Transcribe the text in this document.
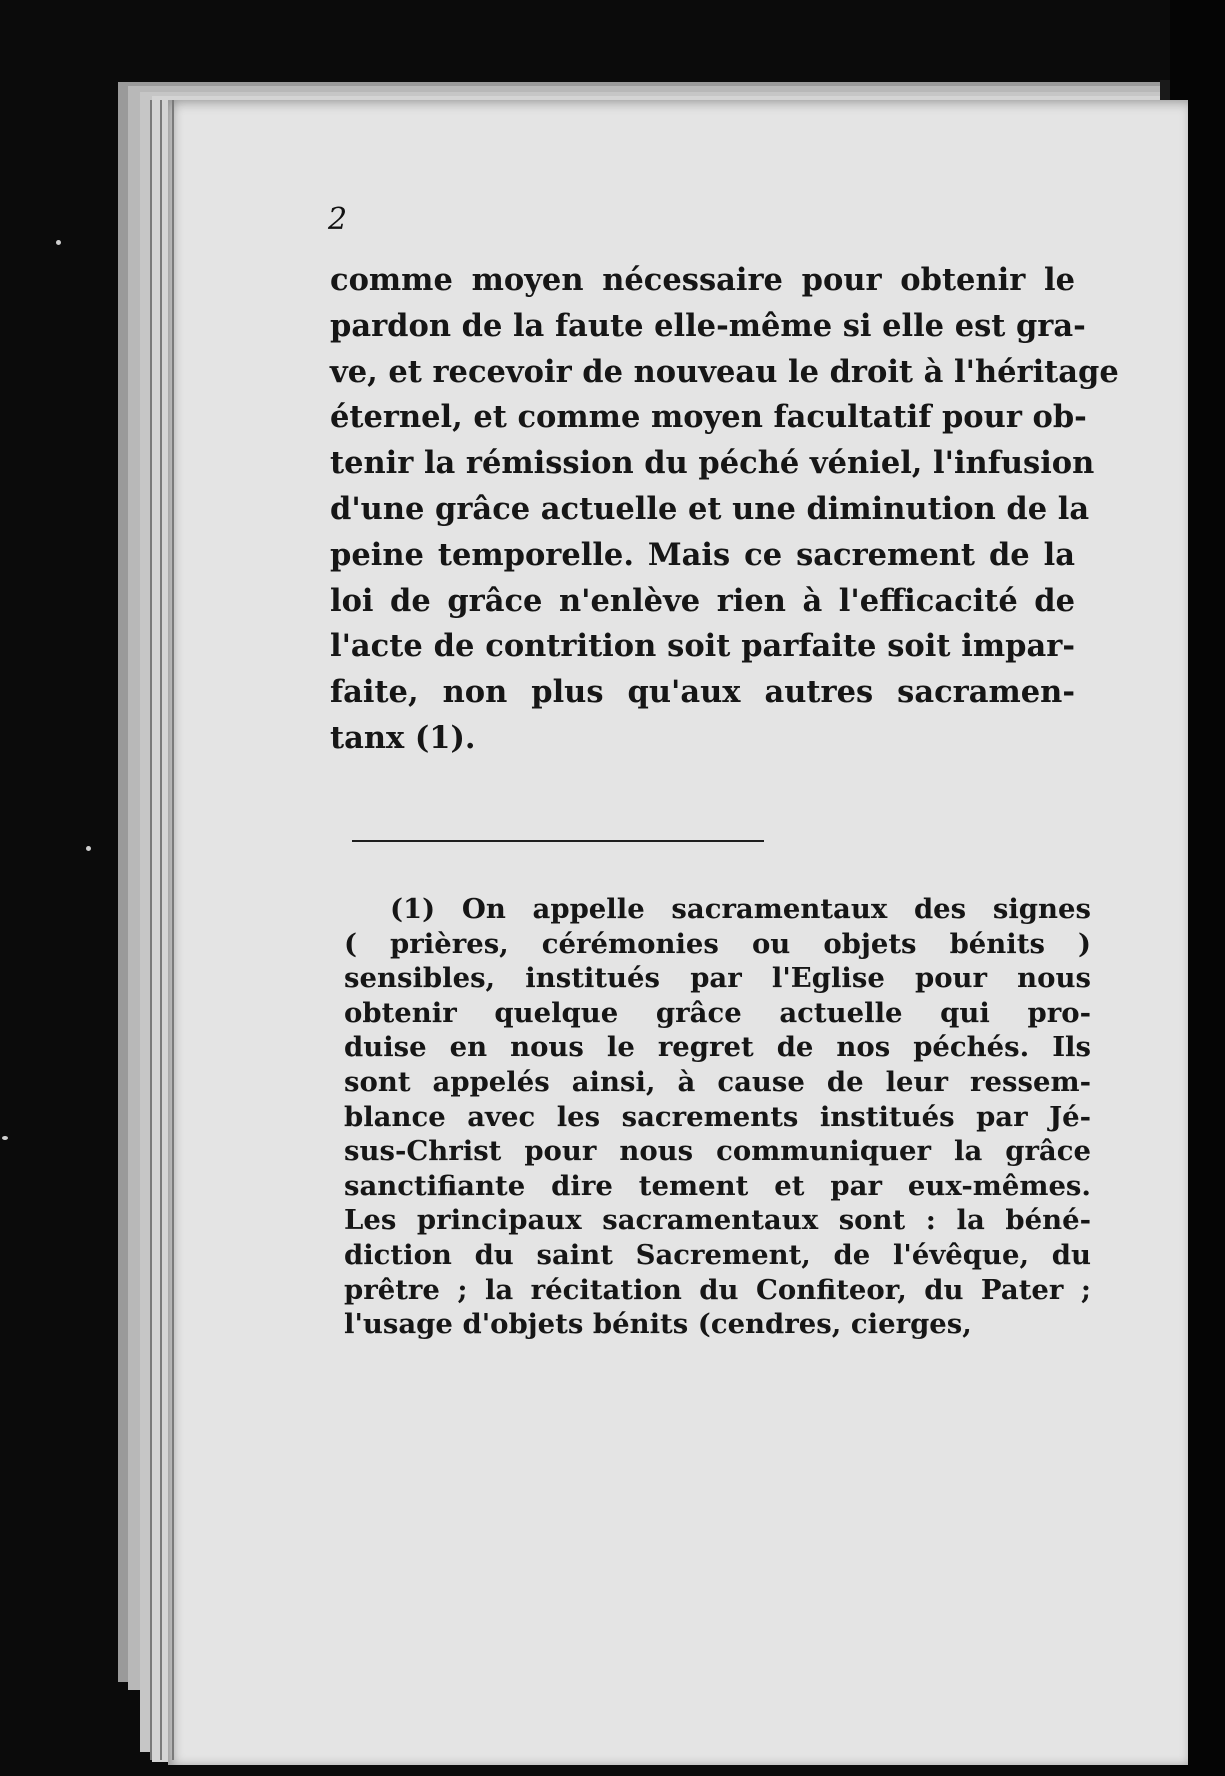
2

comme moyen nécessaire pour obtenir le
pardon de la faute elle-même si elle est gra-
ve, et recevoir de nouveau le droit à l'héritage
éternel, et comme moyen facultatif pour ob-
tenir la rémission du péché véniel, l'infusion
d'une grâce actuelle et une diminution de la
peine temporelle. Mais ce sacrement de la
loi de grâce n'enlève rien à l'efficacité de
l'acte de contrition soit parfaite soit impar-
faite, non plus qu'aux autres sacramen-
tanx (1).
(1) On appelle sacramentaux des signes
( prières, cérémonies ou objets bénits )
sensibles, institués par l'Eglise pour nous
obtenir quelque grâce actuelle qui pro-
duise en nous le regret de nos péchés. Ils
sont appelés ainsi, à cause de leur ressem-
blance avec les sacrements institués par Jé-
sus-Christ pour nous communiquer la grâce
sanctifiante dire tement et par eux-mêmes.
Les principaux sacramentaux sont : la béné-
diction du saint Sacrement, de l'évêque, du
prêtre ; la récitation du Confiteor, du Pater ;
l'usage d'objets bénits (cendres, cierges,
